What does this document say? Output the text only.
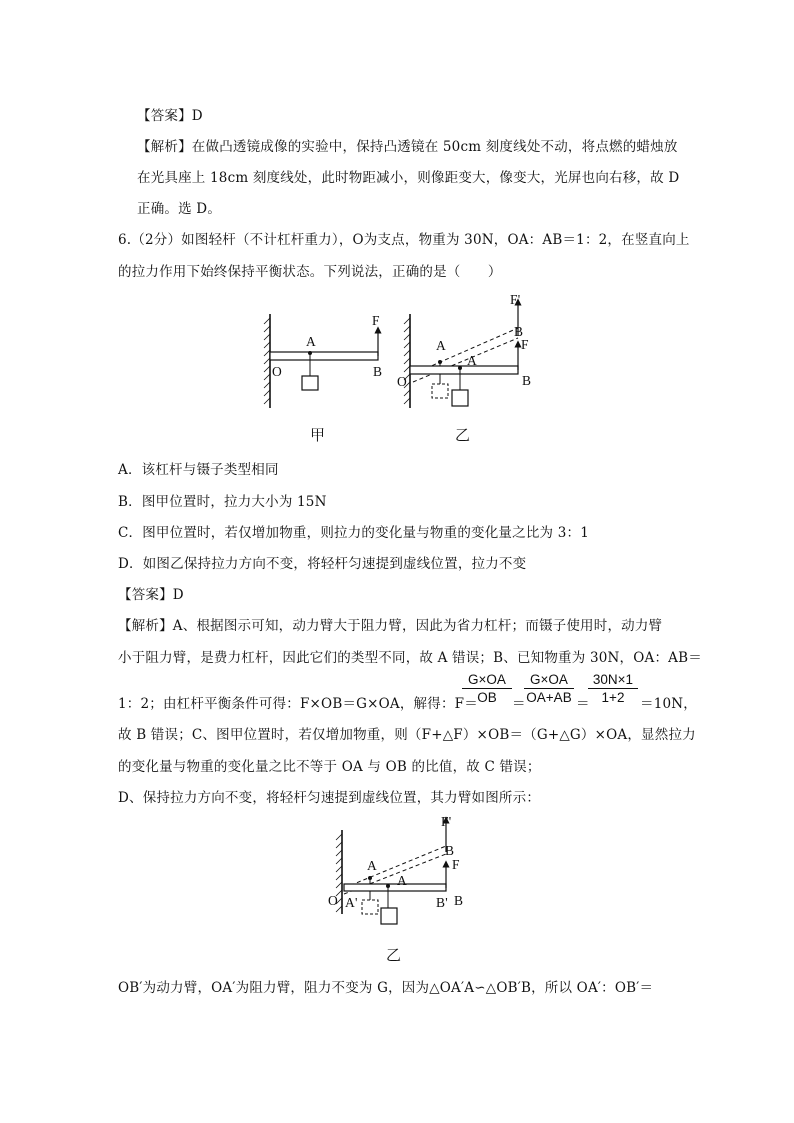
【答案】D
【解析】在做凸透镜成像的实验中，保持凸透镜在 50cm 刻度线处不动，将点燃的蜡烛放
在光具座上 18cm 刻度线处，此时物距减小，则像距变大，像变大，光屏也向右移，故 D
正确。选 D。
6.（2分）如图轻杆（不计杠杆重力），O为支点，物重为 30N，OA：AB＝1：2，在竖直向上
的拉力作用下始终保持平衡状态。下列说法，正确的是（　　）
F
A
O	B
甲
F'
B
F
A
A
O	B
乙
A．该杠杆与镊子类型相同
B．图甲位置时，拉力大小为 15N
C．图甲位置时，若仅增加物重，则拉力的变化量与物重的变化量之比为 3：1
D．如图乙保持拉力方向不变，将轻杆匀速提到虚线位置，拉力不变
【答案】D
【解析】A、根据图示可知，动力臂大于阻力臂，因此为省力杠杆；而镊子使用时，动力臂
小于阻力臂，是费力杠杆，因此它们的类型不同，故 A 错误；B、已知物重为 30N，OA：AB＝
1：2；由杠杆平衡条件可得：F×OB＝G×OA，解得：F＝
$\frac{G\times OA}{OB}$ ＝
$\frac{G\times OA}{OA+AB}$ ＝
$\frac{30N\times 1}{1+2} =10N$，
故 B 错误；C、图甲位置时，若仅增加物重，则（F+△F）×OB＝（G+△G）×OA，显然拉力
的变化量与物重的变化量之比不等于 OA 与 OB 的比值，故 C 错误；
D、保持拉力方向不变，将轻杆匀速提到虚线位置，其力臂如图所示：
F'
B
F
A
A
O A'	B' B
乙
OB′为动力臂，OA′为阻力臂，阻力不变为 G，因为△OA′A∽△OB′B，所以 OA′：OB′＝
